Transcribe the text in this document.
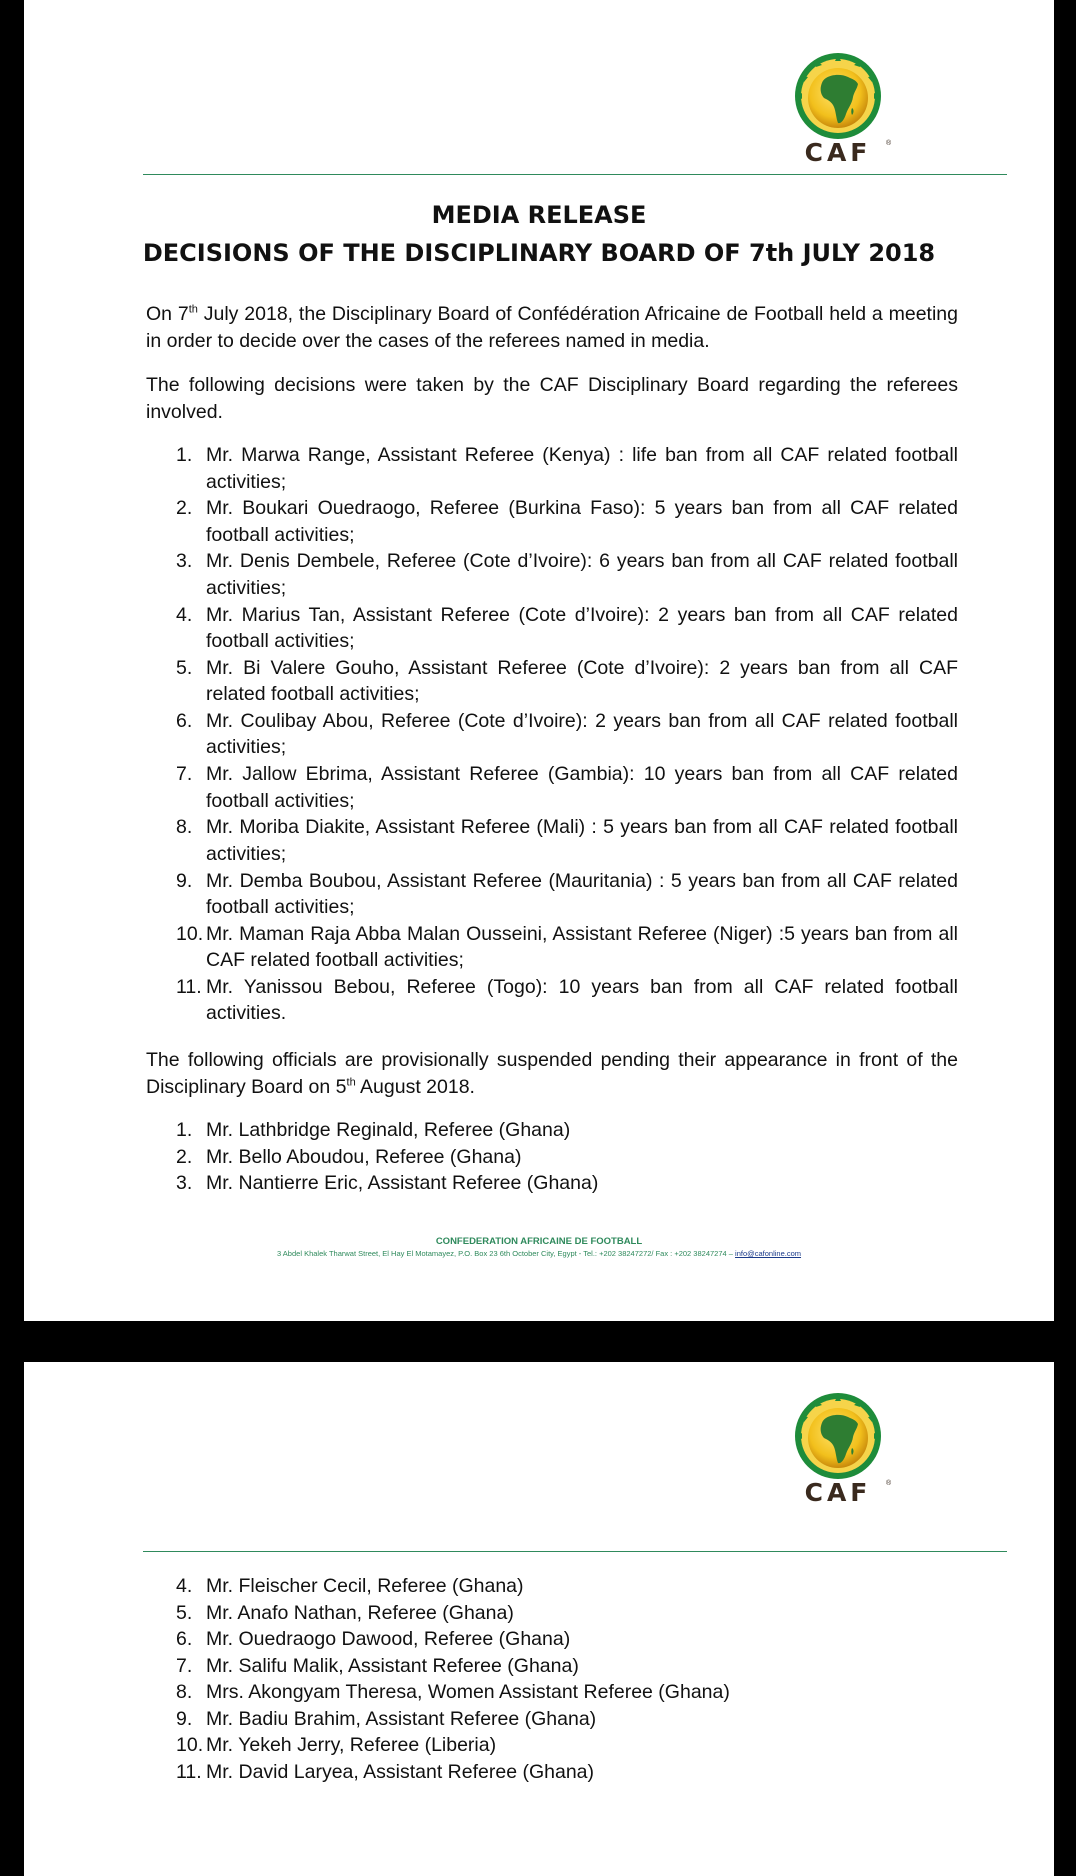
CAF	®
MEDIA RELEASE
DECISIONS OF THE DISCIPLINARY BOARD OF 7th JULY 2018

On 7th July 2018, the Disciplinary Board of Confédération Africaine de Football held a meeting in order to decide over the cases of the referees named in media.

The following decisions were taken by the CAF Disciplinary Board regarding the referees involved.

1. Mr. Marwa Range, Assistant Referee (Kenya) : life ban from all CAF related football activities;
2. Mr. Boukari Ouedraogo, Referee (Burkina Faso): 5 years ban from all CAF related football activities;
3. Mr. Denis Dembele, Referee (Cote d’Ivoire): 6 years ban from all CAF related football activities;
4. Mr. Marius Tan, Assistant Referee (Cote d’Ivoire): 2 years ban from all CAF related football activities;
5. Mr. Bi Valere Gouho, Assistant Referee (Cote d’Ivoire): 2 years ban from all CAF related football activities;
6. Mr. Coulibay Abou, Referee (Cote d’Ivoire): 2 years ban from all CAF related football activities;
7. Mr. Jallow Ebrima, Assistant Referee (Gambia): 10 years ban from all CAF related football activities;
8. Mr. Moriba Diakite, Assistant Referee (Mali) : 5 years ban from all CAF related football activities;
9. Mr. Demba Boubou, Assistant Referee (Mauritania) : 5 years ban from all CAF related football activities;
10. Mr. Maman Raja Abba Malan Ousseini, Assistant Referee (Niger) :5 years ban from all CAF related football activities;
11. Mr. Yanissou Bebou, Referee (Togo): 10 years ban from all CAF related football activities.

The following officials are provisionally suspended pending their appearance in front of the Disciplinary Board on 5th August 2018.

1. Mr. Lathbridge Reginald, Referee (Ghana)
2. Mr. Bello Aboudou, Referee (Ghana)
3. Mr. Nantierre Eric, Assistant Referee (Ghana)

CONFEDERATION AFRICAINE DE FOOTBALL

3 Abdel Khalek Tharwat Street, El Hay El Motamayez, P.O. Box 23 6th October City, Egypt - Tel.: +202 38247272/ Fax : +202 38247274 – info@cafonline.com

CAF	®
4. Mr. Fleischer Cecil, Referee (Ghana)
5. Mr. Anafo Nathan, Referee (Ghana)
6. Mr. Ouedraogo Dawood, Referee (Ghana)
7. Mr. Salifu Malik, Assistant Referee (Ghana)
8. Mrs. Akongyam Theresa, Women Assistant Referee (Ghana)
9. Mr. Badiu Brahim, Assistant Referee (Ghana)
10. Mr. Yekeh Jerry, Referee (Liberia)
11. Mr. David Laryea, Assistant Referee (Ghana)
